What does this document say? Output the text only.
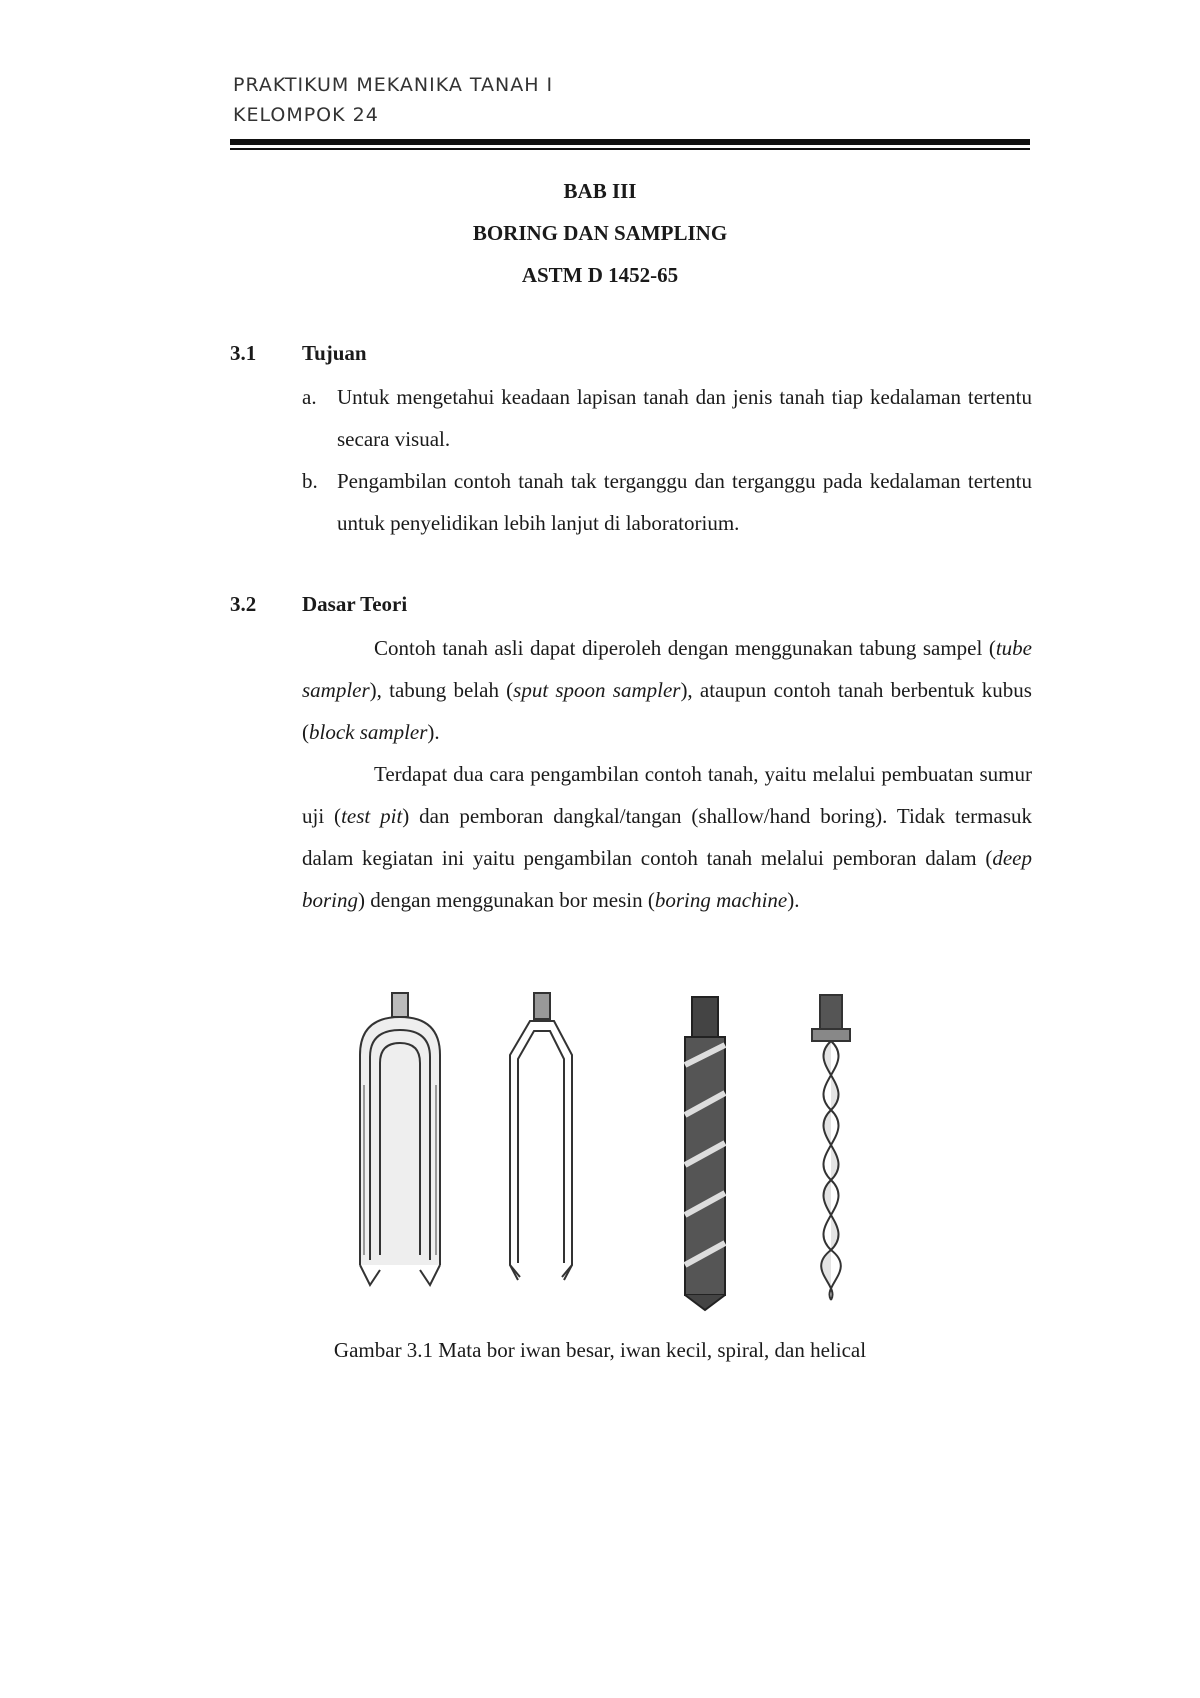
PRAKTIKUM MEKANIKA TANAH I
KELOMPOK 24
BAB III
BORING DAN SAMPLING
ASTM D 1452-65
3.1 Tujuan
a. Untuk mengetahui keadaan lapisan tanah dan jenis tanah tiap kedalaman tertentu secara visual.
b. Pengambilan contoh tanah tak terganggu dan terganggu pada kedalaman tertentu untuk penyelidikan lebih lanjut di laboratorium.
3.2 Dasar Teori

Contoh tanah asli dapat diperoleh dengan menggunakan tabung sampel (tube sampler), tabung belah (sput spoon sampler), ataupun contoh tanah berbentuk kubus (block sampler).

Terdapat dua cara pengambilan contoh tanah, yaitu melalui pembuatan sumur uji (test pit) dan pemboran dangkal/tangan (shallow/hand boring). Tidak termasuk dalam kegiatan ini yaitu pengambilan contoh tanah melalui pemboran dalam (deep boring) dengan menggunakan bor mesin (boring machine).

Gambar 3.1 Mata bor iwan besar, iwan kecil, spiral, dan helical
